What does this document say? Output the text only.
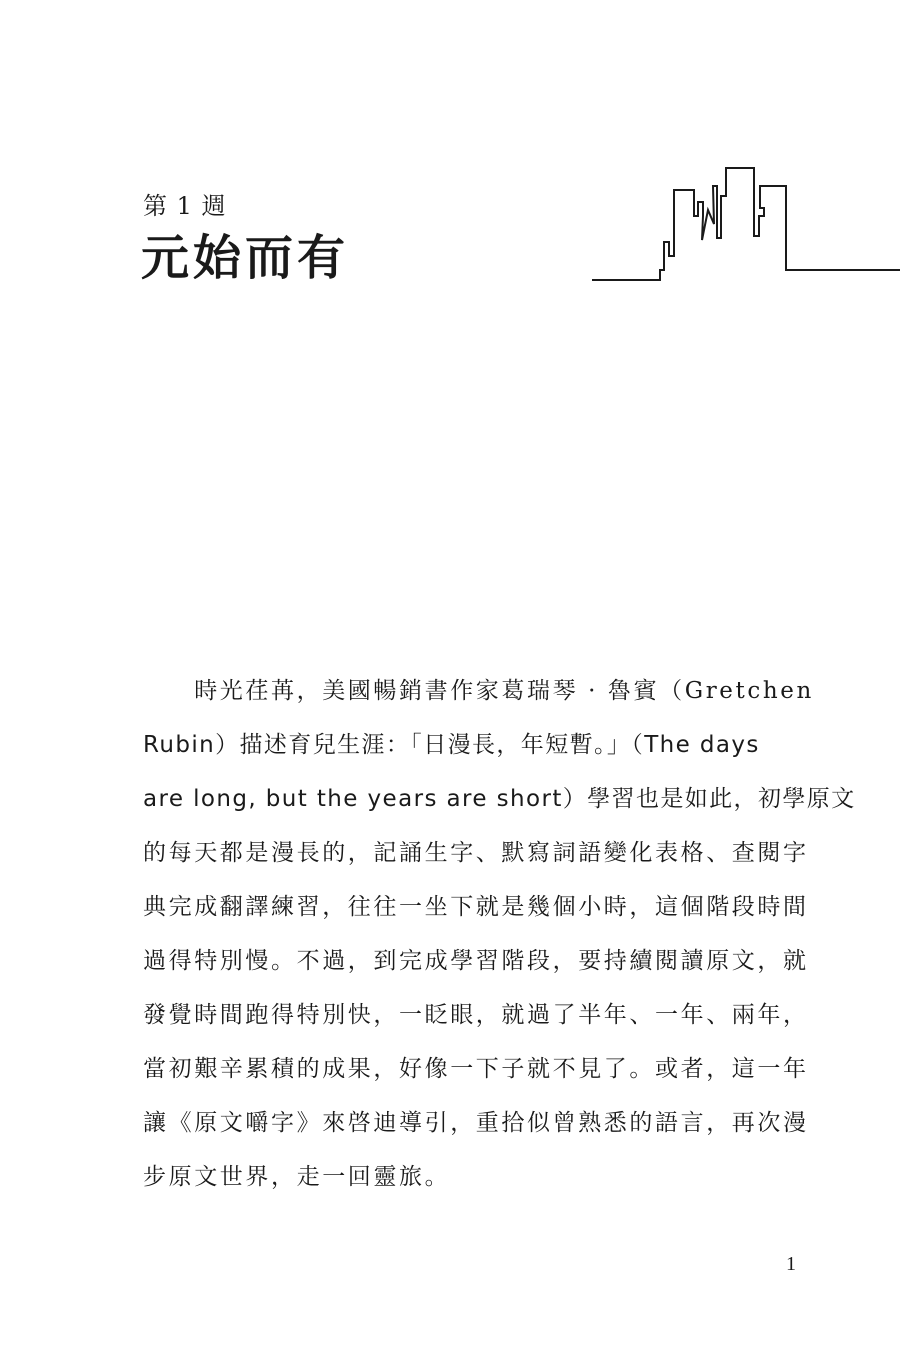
第 1 週
元始而有
　　時光荏苒，美國暢銷書作家葛瑞琴 · 魯賓（Gretchen
Rubin）描述育兒生涯：「日漫長，年短暫。」（The days
are long, but the years are short）學習也是如此，初學原文
的每天都是漫長的，記誦生字、默寫詞語變化表格、查閱字
典完成翻譯練習，往往一坐下就是幾個小時，這個階段時間
過得特別慢。不過，到完成學習階段，要持續閱讀原文，就
發覺時間跑得特別快，一眨眼，就過了半年、一年、兩年，
當初艱辛累積的成果，好像一下子就不見了。或者，這一年
讓《原文嚼字》來啓迪導引，重拾似曾熟悉的語言，再次漫
步原文世界，走一回靈旅。
1
